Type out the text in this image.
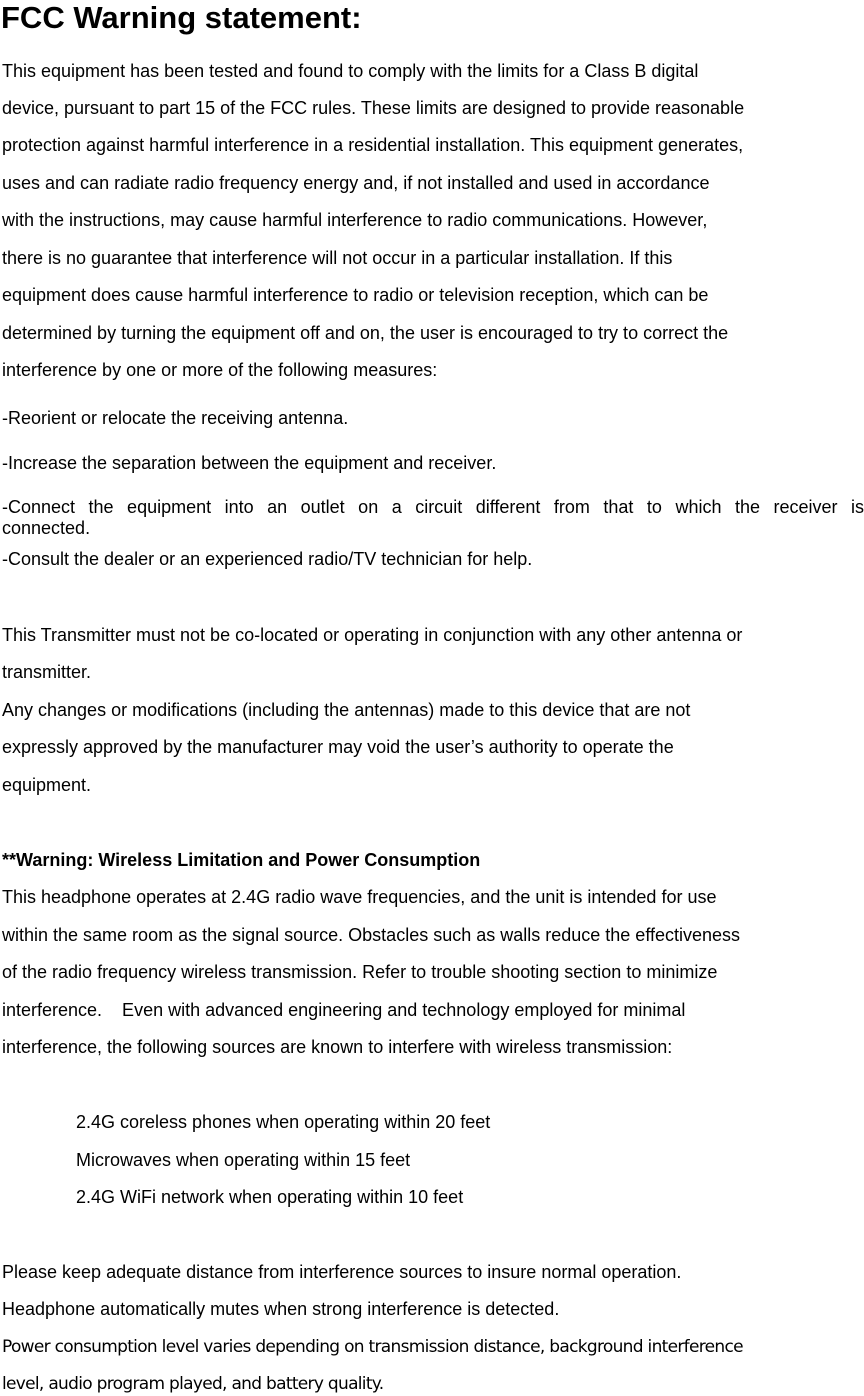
FCC Warning statement:
This equipment has been tested and found to comply with the limits for a Class B digital
device, pursuant to part 15 of the FCC rules. These limits are designed to provide reasonable
protection against harmful interference in a residential installation. This equipment generates,
uses and can radiate radio frequency energy and, if not installed and used in accordance
with the instructions, may cause harmful interference to radio communications. However,
there is no guarantee that interference will not occur in a particular installation. If this
equipment does cause harmful interference to radio or television reception, which can be
determined by turning the equipment off and on, the user is encouraged to try to correct the
interference by one or more of the following measures:
-Reorient or relocate the receiving antenna.
-Increase the separation between the equipment and receiver.
-Connect the equipment into an outlet on a circuit different from that to which the receiver is
connected.
-Consult the dealer or an experienced radio/TV technician for help.
This Transmitter must not be co-located or operating in conjunction with any other antenna or
transmitter.
Any changes or modifications (including the antennas) made to this device that are not
expressly approved by the manufacturer may void the user’s authority to operate the
equipment.
**Warning: Wireless Limitation and Power Consumption
This headphone operates at 2.4G radio wave frequencies, and the unit is intended for use
within the same room as the signal source. Obstacles such as walls reduce the effectiveness
of the radio frequency wireless transmission. Refer to trouble shooting section to minimize
interference.    Even with advanced engineering and technology employed for minimal
interference, the following sources are known to interfere with wireless transmission:
2.4G coreless phones when operating within 20 feet
Microwaves when operating within 15 feet
2.4G WiFi network when operating within 10 feet
Please keep adequate distance from interference sources to insure normal operation.
Headphone automatically mutes when strong interference is detected.
Power consumption level varies depending on transmission distance, background interference
level, audio program played, and battery quality.
